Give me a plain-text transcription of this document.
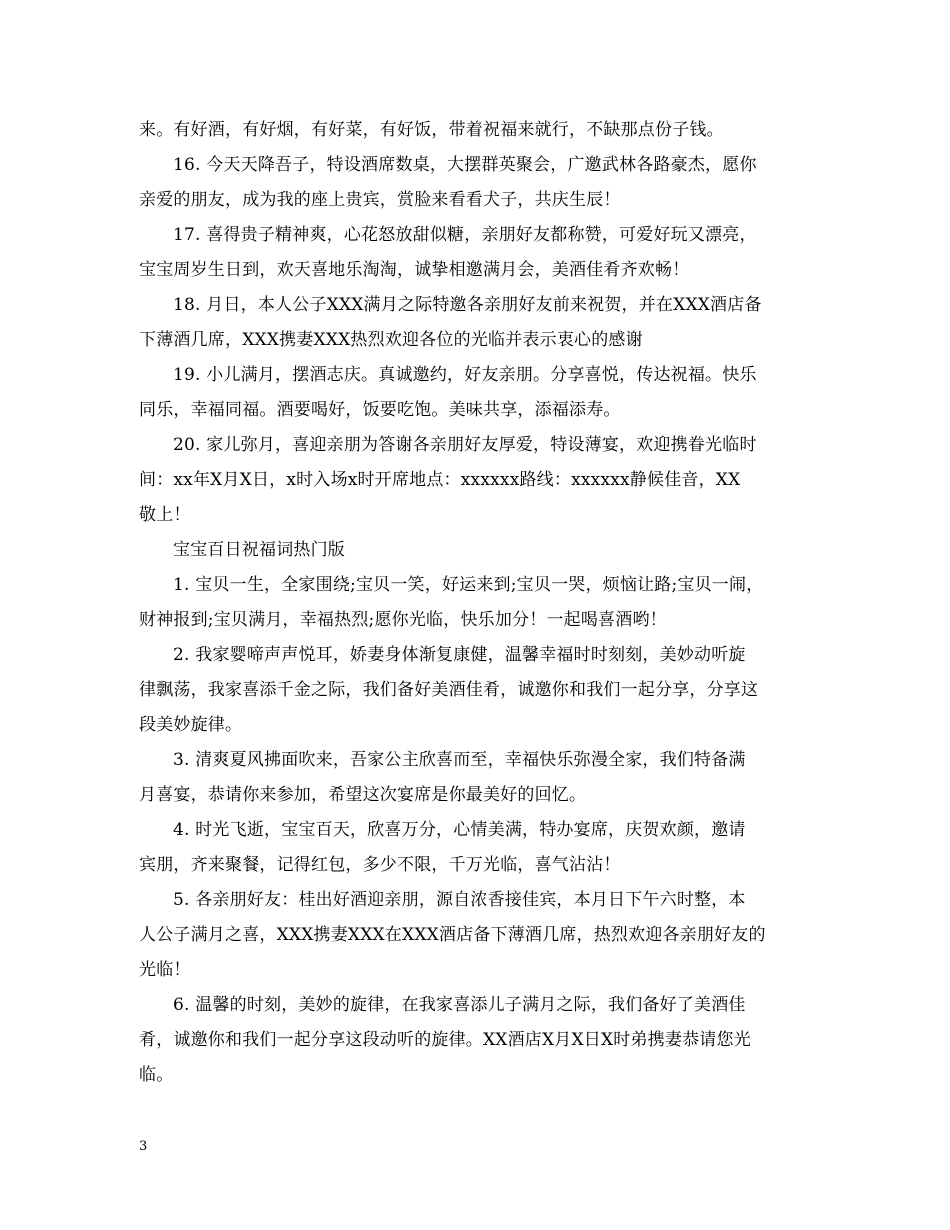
来。有好酒，有好烟，有好菜，有好饭，带着祝福来就行，不缺那点份子钱。
16. 今天天降吾子，特设酒席数桌，大摆群英聚会，广邀武林各路豪杰，愿你
亲爱的朋友，成为我的座上贵宾，赏脸来看看犬子，共庆生辰！
17. 喜得贵子精神爽，心花怒放甜似糖，亲朋好友都称赞，可爱好玩又漂亮，
宝宝周岁生日到，欢天喜地乐淘淘，诚挚相邀满月会，美酒佳肴齐欢畅！
18. 月日，本人公子XXX满月之际特邀各亲朋好友前来祝贺，并在XXX酒店备
下薄酒几席，XXX携妻XXX热烈欢迎各位的光临并表示衷心的感谢
19. 小儿满月，摆酒志庆。真诚邀约，好友亲朋。分享喜悦，传达祝福。快乐
同乐，幸福同福。酒要喝好，饭要吃饱。美味共享，添福添寿。
20. 家儿弥月，喜迎亲朋为答谢各亲朋好友厚爱，特设薄宴，欢迎携眷光临时
间：xx年X月X日，x时入场x时开席地点：xxxxxx路线：xxxxxx静候佳音，XX
敬上！
宝宝百日祝福词热门版
1. 宝贝一生，全家围绕;宝贝一笑，好运来到;宝贝一哭，烦恼让路;宝贝一闹，
财神报到;宝贝满月，幸福热烈;愿你光临，快乐加分！一起喝喜酒哟！
2. 我家婴啼声声悦耳，娇妻身体渐复康健，温馨幸福时时刻刻，美妙动听旋
律飘荡，我家喜添千金之际，我们备好美酒佳肴，诚邀你和我们一起分享，分享这
段美妙旋律。
3. 清爽夏风拂面吹来，吾家公主欣喜而至，幸福快乐弥漫全家，我们特备满
月喜宴，恭请你来参加，希望这次宴席是你最美好的回忆。
4. 时光飞逝，宝宝百天，欣喜万分，心情美满，特办宴席，庆贺欢颜，邀请
宾朋，齐来聚餐，记得红包，多少不限，千万光临，喜气沾沾！
5. 各亲朋好友：桂出好酒迎亲朋，源自浓香接佳宾，本月日下午六时整，本
人公子满月之喜，XXX携妻XXX在XXX酒店备下薄酒几席，热烈欢迎各亲朋好友的
光临！
6. 温馨的时刻，美妙的旋律，在我家喜添儿子满月之际，我们备好了美酒佳
肴，诚邀你和我们一起分享这段动听的旋律。XX酒店X月X日X时弟携妻恭请您光
临。
3
